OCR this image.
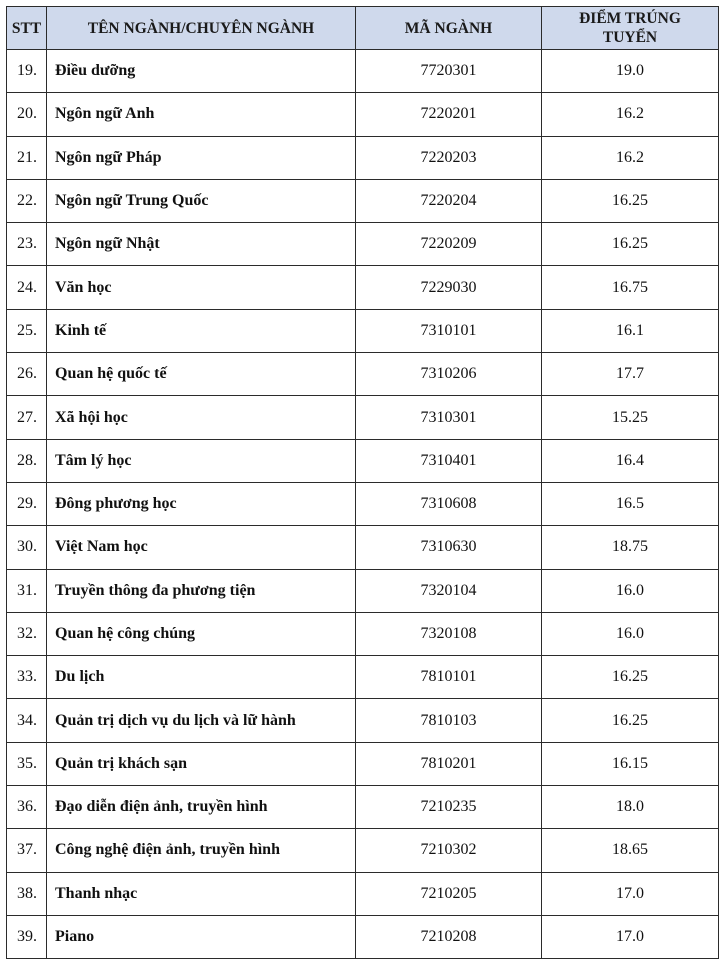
STT	TÊN NGÀNH/CHUYÊN NGÀNH	MÃ NGÀNH	ĐIỂM TRÚNG TUYỂN
19.	Điều dưỡng	7720301	19.0
20.	Ngôn ngữ Anh	7220201	16.2
21.	Ngôn ngữ Pháp	7220203	16.2
22.	Ngôn ngữ Trung Quốc	7220204	16.25
23.	Ngôn ngữ Nhật	7220209	16.25
24.	Văn học	7229030	16.75
25.	Kinh tế	7310101	16.1
26.	Quan hệ quốc tế	7310206	17.7
27.	Xã hội học	7310301	15.25
28.	Tâm lý học	7310401	16.4
29.	Đông phương học	7310608	16.5
30.	Việt Nam học	7310630	18.75
31.	Truyền thông đa phương tiện	7320104	16.0
32.	Quan hệ công chúng	7320108	16.0
33.	Du lịch	7810101	16.25
34.	Quản trị dịch vụ du lịch và lữ hành	7810103	16.25
35.	Quản trị khách sạn	7810201	16.15
36.	Đạo diễn điện ảnh, truyền hình	7210235	18.0
37.	Công nghệ điện ảnh, truyền hình	7210302	18.65
38.	Thanh nhạc	7210205	17.0
39.	Piano	7210208	17.0
